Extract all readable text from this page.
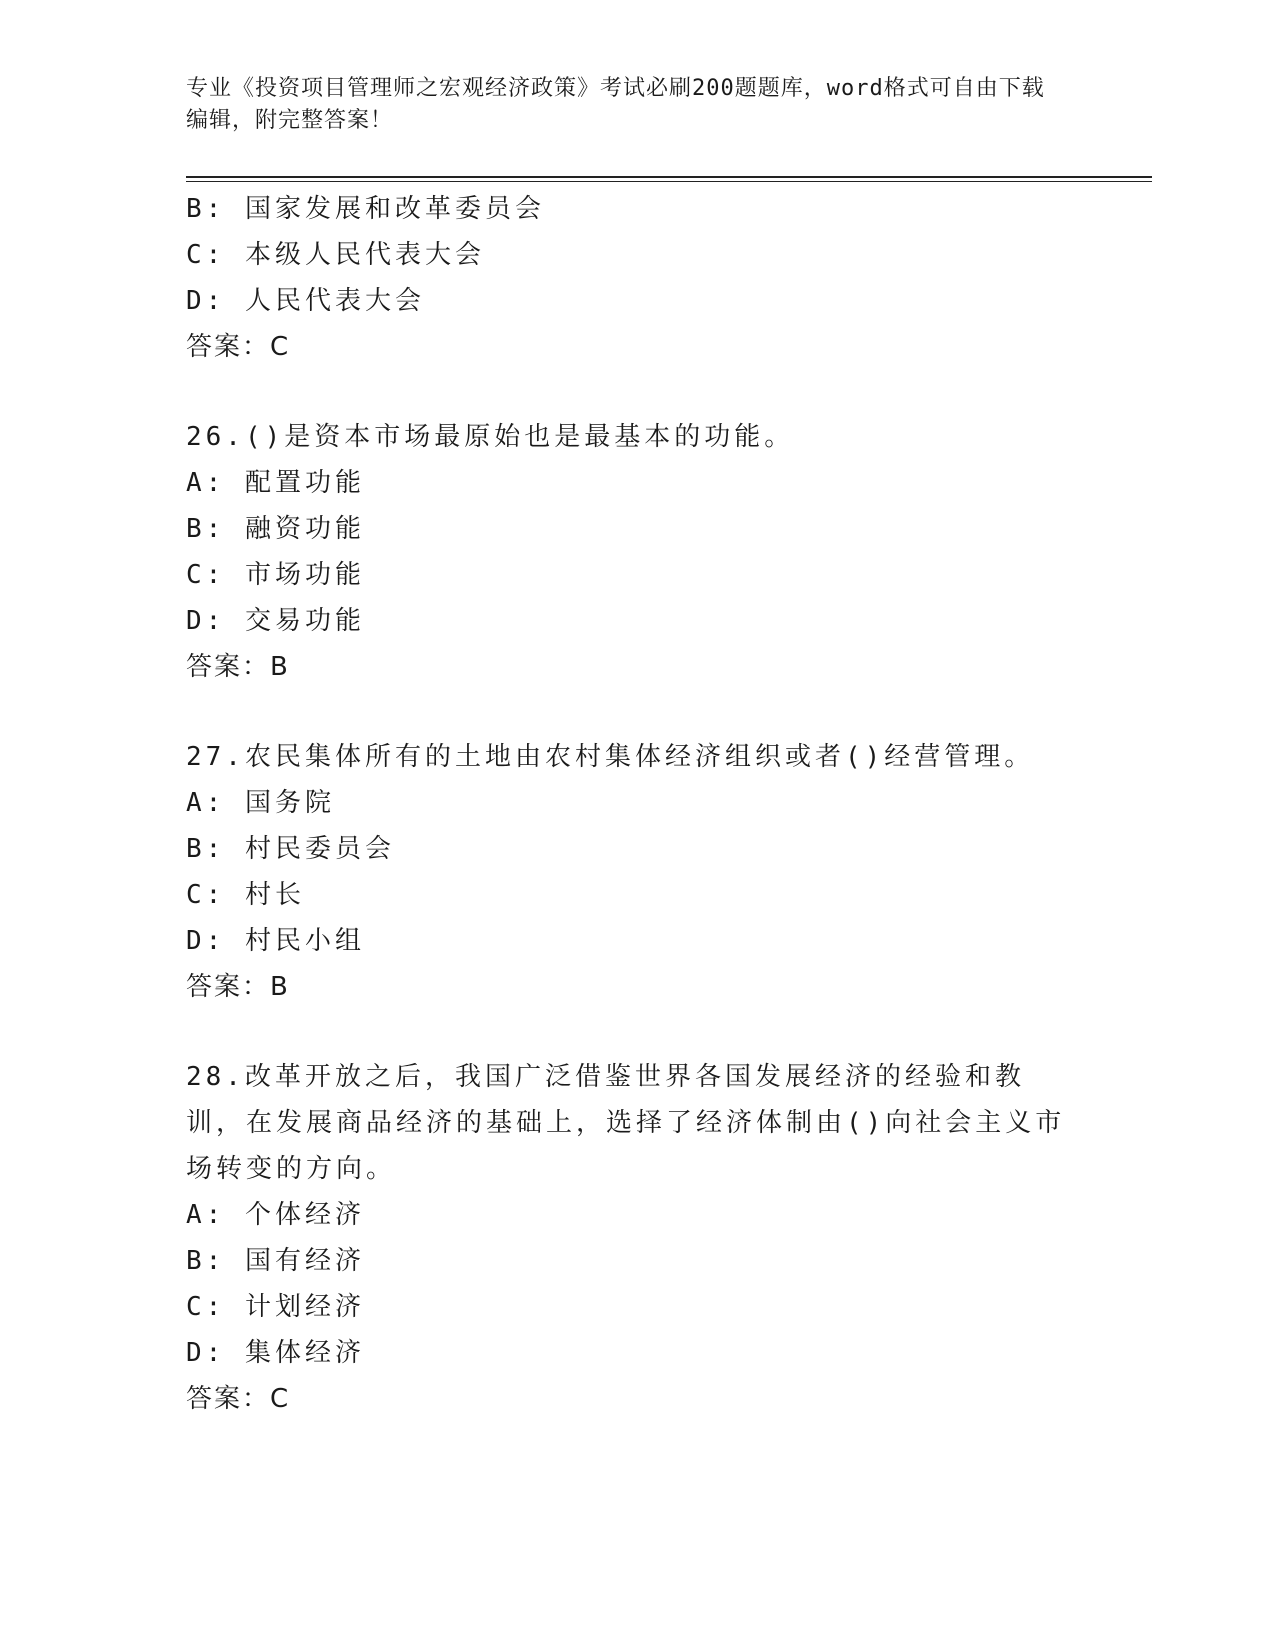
专业《投资项目管理师之宏观经济政策》考试必刷200题题库，word格式可自由下载编辑，附完整答案！
B: 国家发展和改革委员会
C: 本级人民代表大会
D: 人民代表大会
答案：C
26.()是资本市场最原始也是最基本的功能。
A: 配置功能
B: 融资功能
C: 市场功能
D: 交易功能
答案：B
27.农民集体所有的土地由农村集体经济组织或者()经营管理。
A: 国务院
B: 村民委员会
C: 村长
D: 村民小组
答案：B
28.改革开放之后，我国广泛借鉴世界各国发展经济的经验和教训，在发展商品经济的基础上，选择了经济体制由()向社会主义市场转变的方向。
A: 个体经济
B: 国有经济
C: 计划经济
D: 集体经济
答案：C
